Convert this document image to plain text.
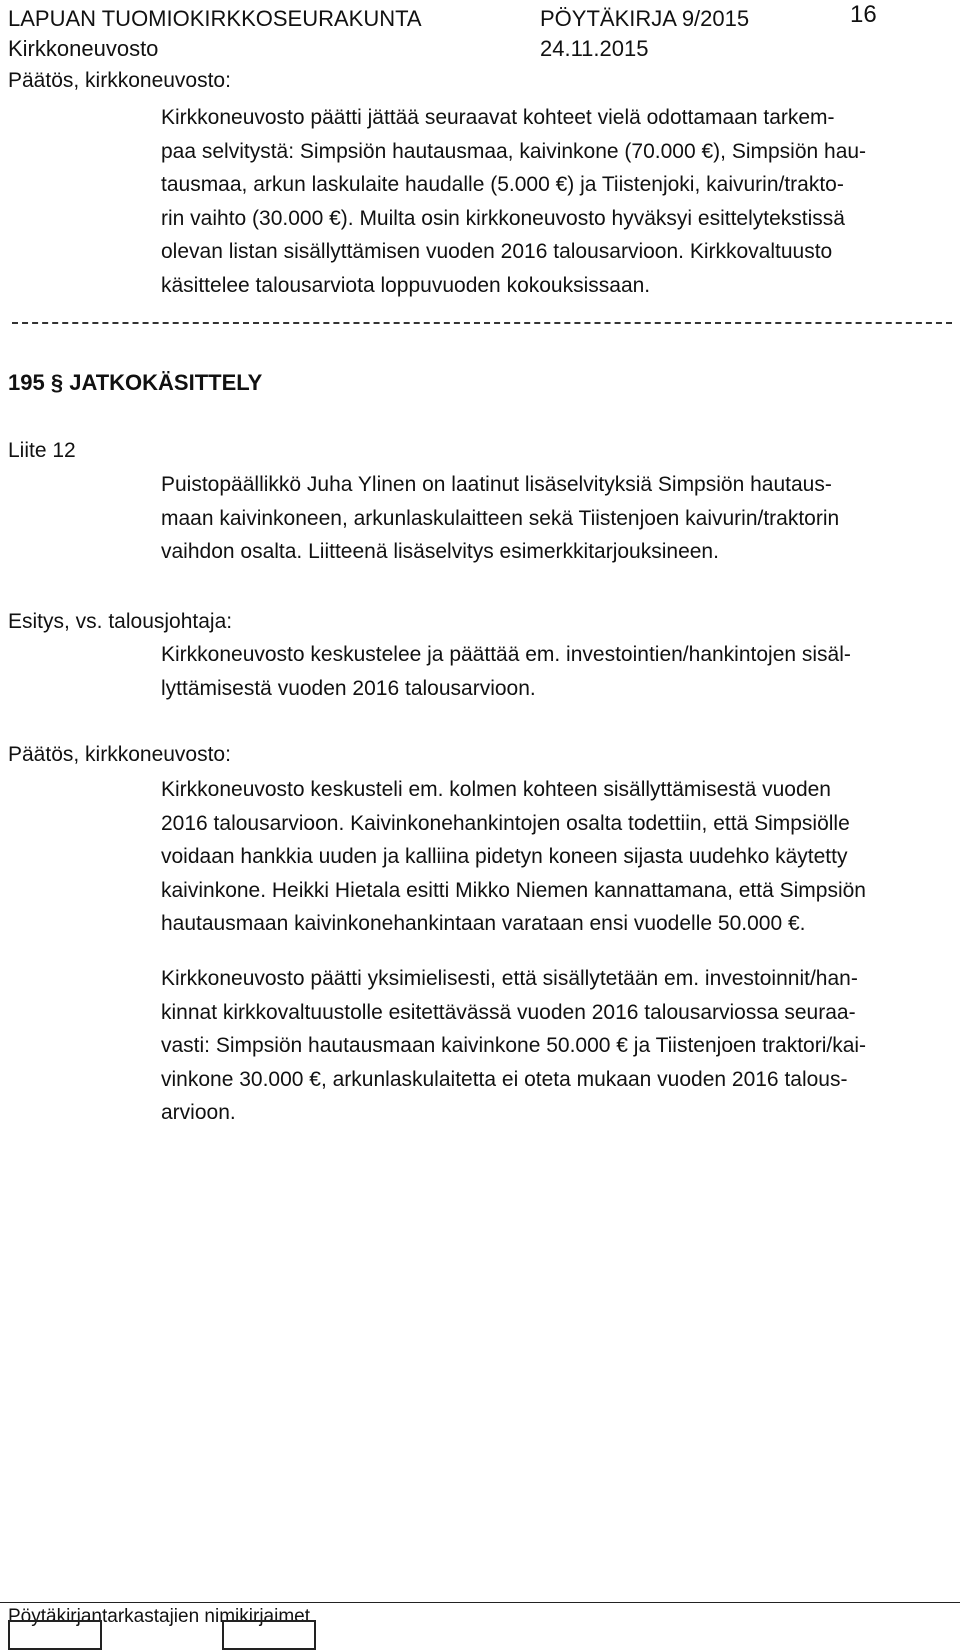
LAPUAN TUOMIOKIRKKOSEURAKUNTA	PÖYTÄKIRJA 9/2015	16
Kirkkoneuvosto	24.11.2015
Päätös, kirkkoneuvosto:
Kirkkoneuvosto päätti jättää seuraavat kohteet vielä odottamaan tarkem-
paa selvitystä: Simpsiön hautausmaa, kaivinkone (70.000 €), Simpsiön hau-
tausmaa, arkun laskulaite haudalle (5.000 €) ja Tiistenjoki, kaivurin/trakto-
rin vaihto (30.000 €). Muilta osin kirkkoneuvosto hyväksyi esittelytekstissä
olevan listan sisällyttämisen vuoden 2016 talousarvioon. Kirkkovaltuusto
käsittelee talousarviota loppuvuoden kokouksissaan.
195 § JATKOKÄSITTELY
Liite 12
Puistopäällikkö Juha Ylinen on laatinut lisäselvityksiä Simpsiön hautaus-
maan kaivinkoneen, arkunlaskulaitteen sekä Tiistenjoen kaivurin/traktorin
vaihdon osalta. Liitteenä lisäselvitys esimerkkitarjouksineen.
Esitys, vs. talousjohtaja:
Kirkkoneuvosto keskustelee ja päättää em. investointien/hankintojen sisäl-
lyttämisestä vuoden 2016 talousarvioon.
Päätös, kirkkoneuvosto:
Kirkkoneuvosto keskusteli em. kolmen kohteen sisällyttämisestä vuoden
2016 talousarvioon. Kaivinkonehankintojen osalta todettiin, että Simpsiölle
voidaan hankkia uuden ja kalliina pidetyn koneen sijasta uudehko käytetty
kaivinkone. Heikki Hietala esitti Mikko Niemen kannattamana, että Simpsiön
hautausmaan kaivinkonehankintaan varataan ensi vuodelle 50.000 €.
Kirkkoneuvosto päätti yksimielisesti, että sisällytetään em. investoinnit/han-
kinnat kirkkovaltuustolle esitettävässä vuoden 2016 talousarviossa seuraa-
vasti: Simpsiön hautausmaan kaivinkone 50.000 € ja Tiistenjoen traktori/kai-
vinkone 30.000 €, arkunlaskulaitetta ei oteta mukaan vuoden 2016 talous-
arvioon.
Pöytäkirjantarkastajien nimikirjaimet
